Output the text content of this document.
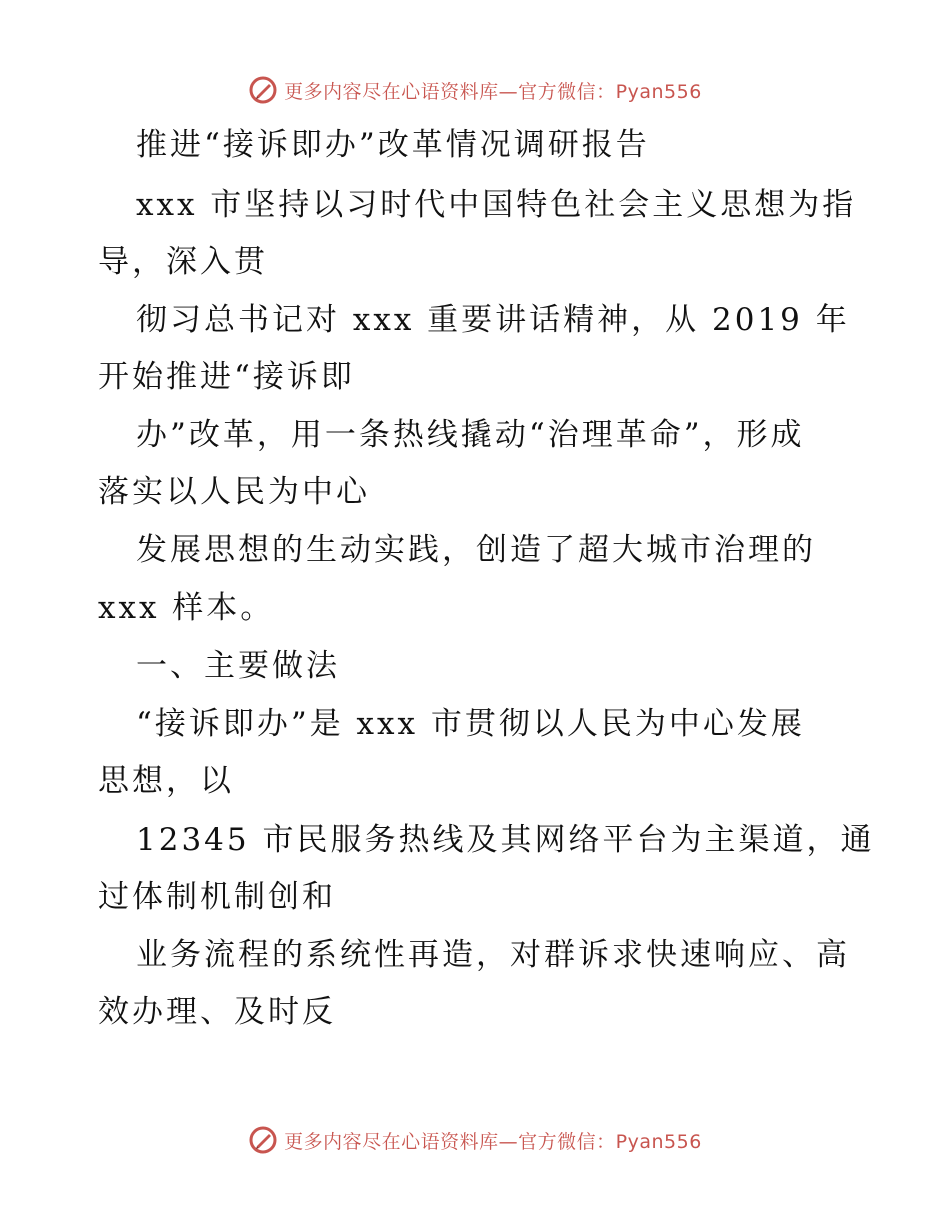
更多内容尽在心语资料库—官方微信：Pyan556
推进“接诉即办”改革情况调研报告
xxx 市坚持以习时代中国特色社会主义思想为指
导，深入贯
彻习总书记对 xxx 重要讲话精神，从 2019 年
开始推进“接诉即
办”改革，用一条热线撬动“治理革命”，形成
落实以人民为中心
发展思想的生动实践，创造了超大城市治理的
xxx 样本。
一、主要做法
“接诉即办”是 xxx 市贯彻以人民为中心发展
思想，以
12345 市民服务热线及其网络平台为主渠道，通
过体制机制创和
业务流程的系统性再造，对群诉求快速响应、高
效办理、及时反
更多内容尽在心语资料库—官方微信：Pyan556
